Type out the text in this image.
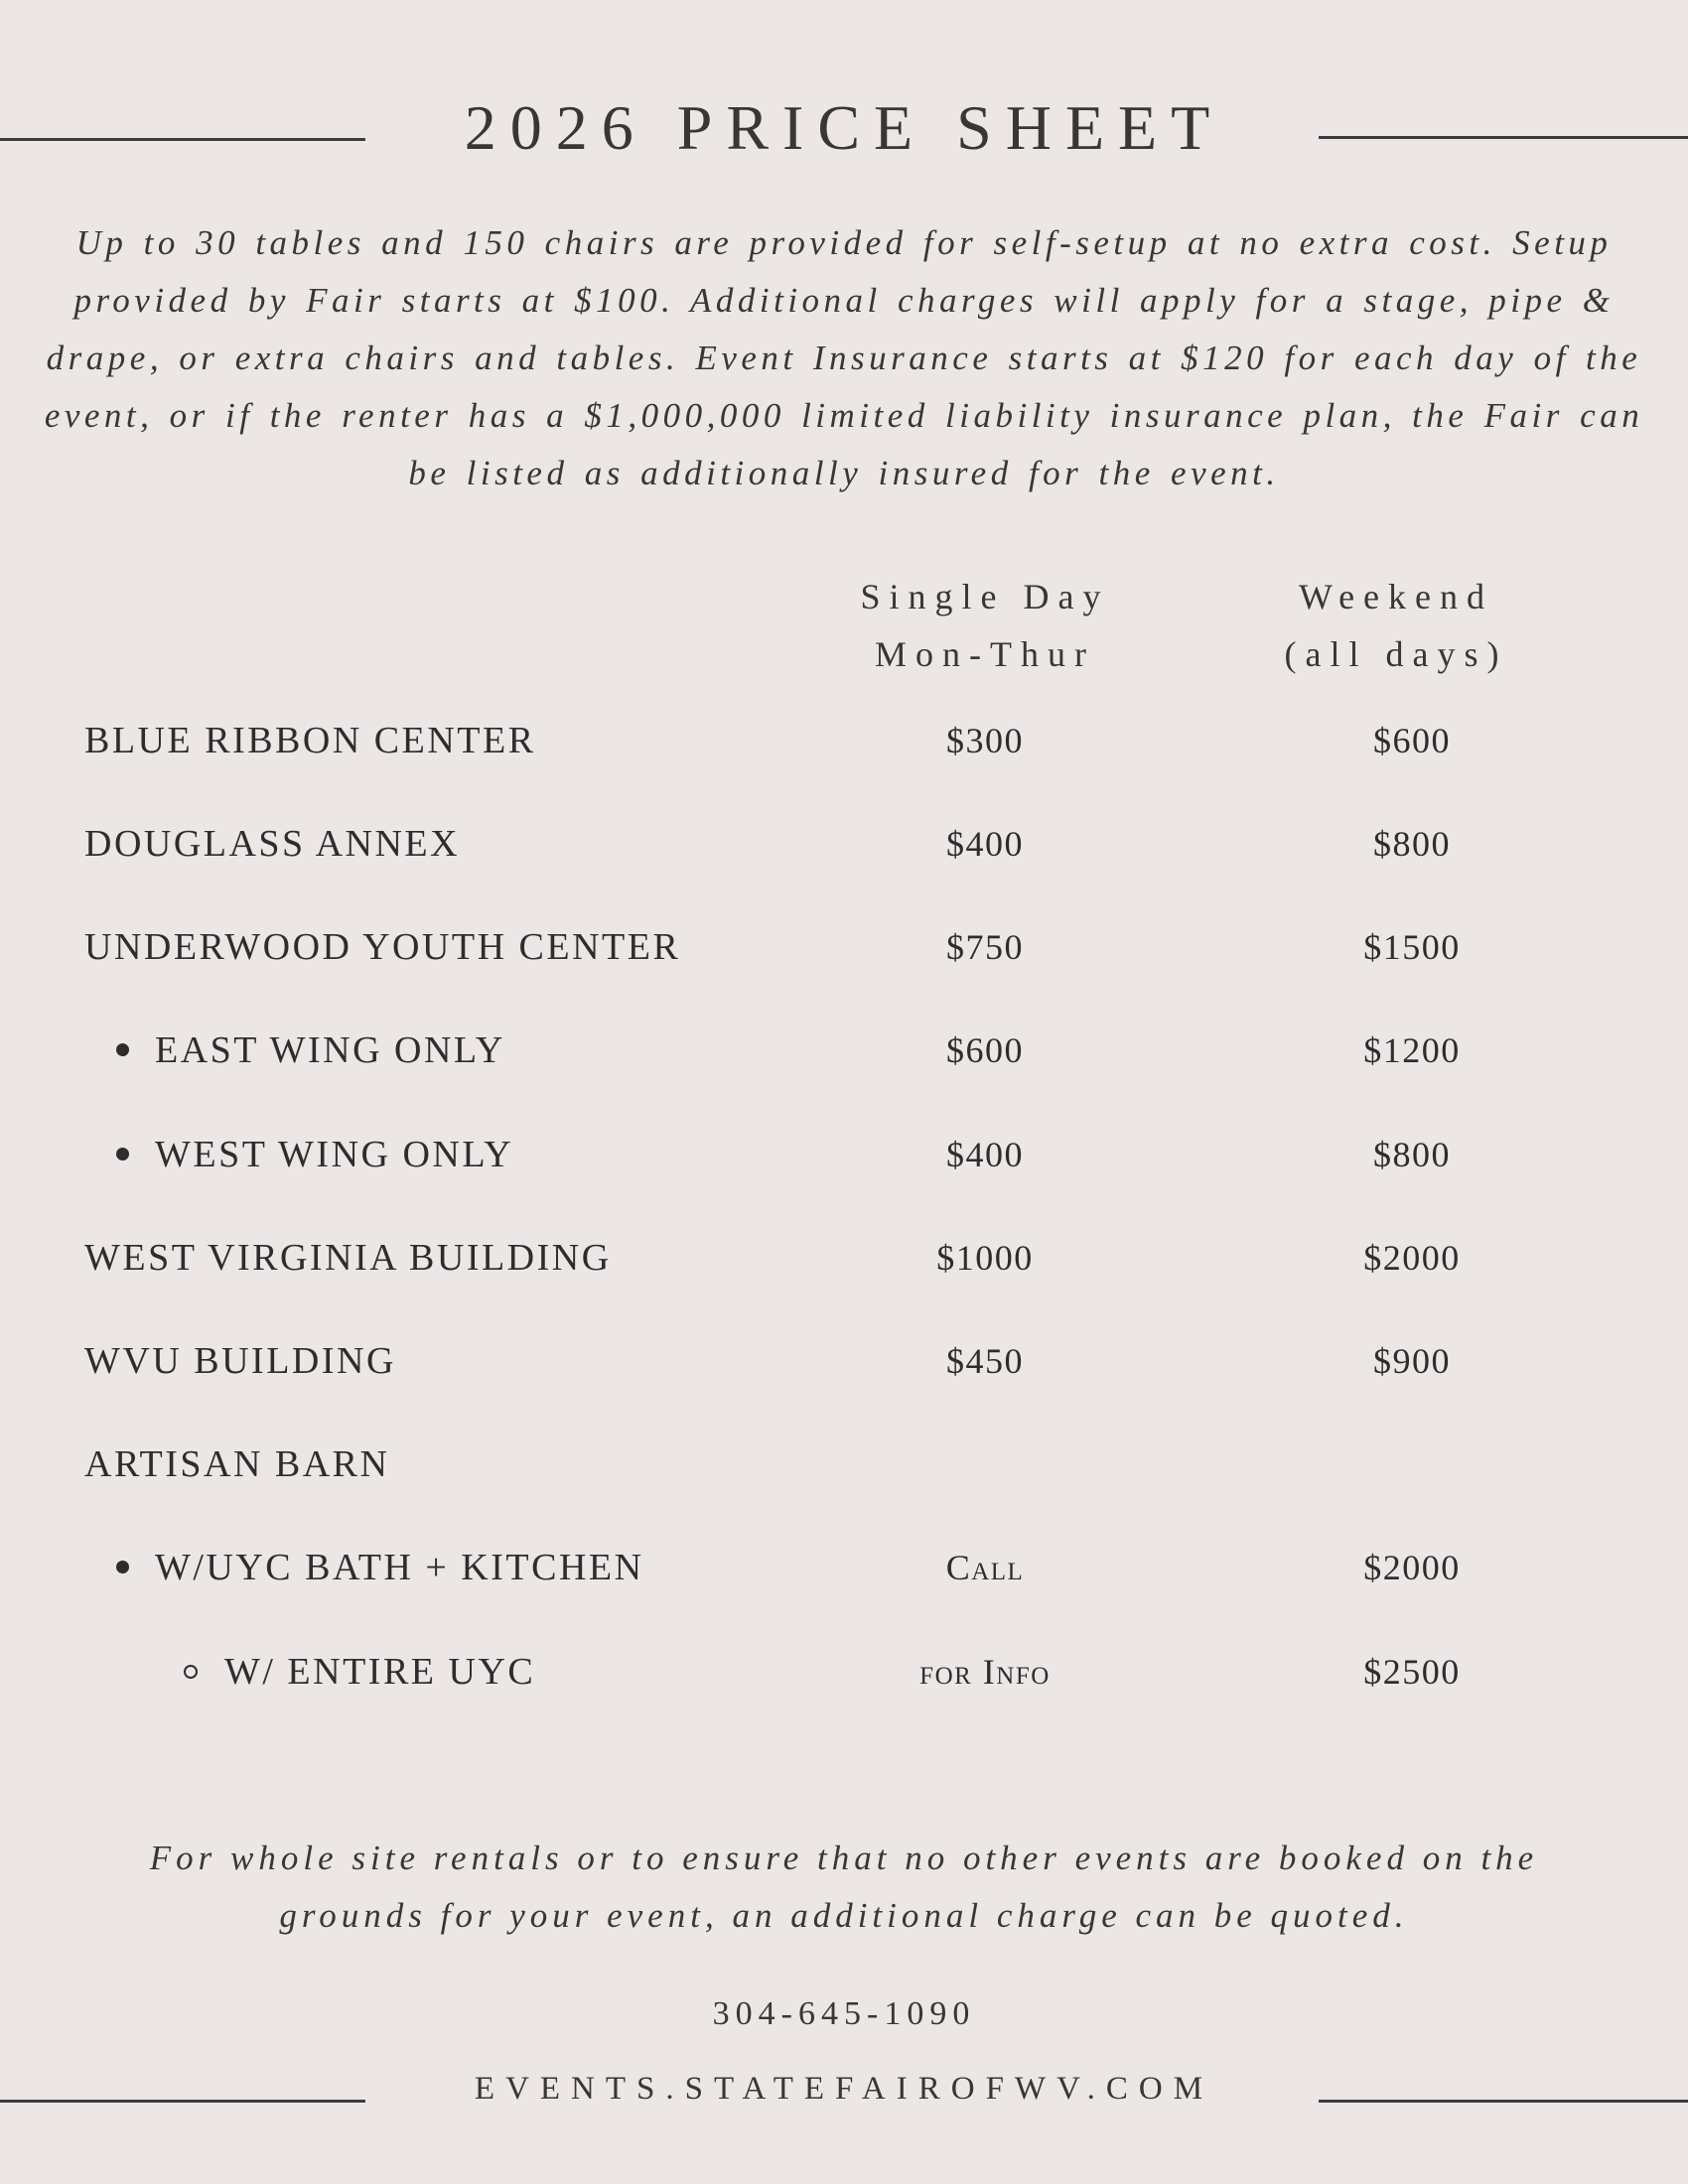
2026 PRICE SHEET
Up to 30 tables and 150 chairs are provided for self-setup at no extra cost. Setup provided by Fair starts at $100. Additional charges will apply for a stage, pipe & drape, or extra chairs and tables. Event Insurance starts at $120 for each day of the event, or if the renter has a $1,000,000 limited liability insurance plan, the Fair can be listed as additionally insured for the event.
Single Day
Mon-Thur
Weekend
(all days)
BLUE RIBBON CENTER	$300	$600
DOUGLASS ANNEX	$400	$800
UNDERWOOD YOUTH CENTER	$750	$1500
EAST WING ONLY	$600	$1200
WEST WING ONLY	$400	$800
WEST VIRGINIA BUILDING	$1000	$2000
WVU BUILDING	$450	$900
ARTISAN BARN
W/UYC BATH + KITCHEN	Call	$2000
W/ ENTIRE UYC	for Info	$2500
For whole site rentals or to ensure that no other events are booked on the grounds for your event, an additional charge can be quoted.
304-645-1090
EVENTS.STATEFAIROFWV.COM
